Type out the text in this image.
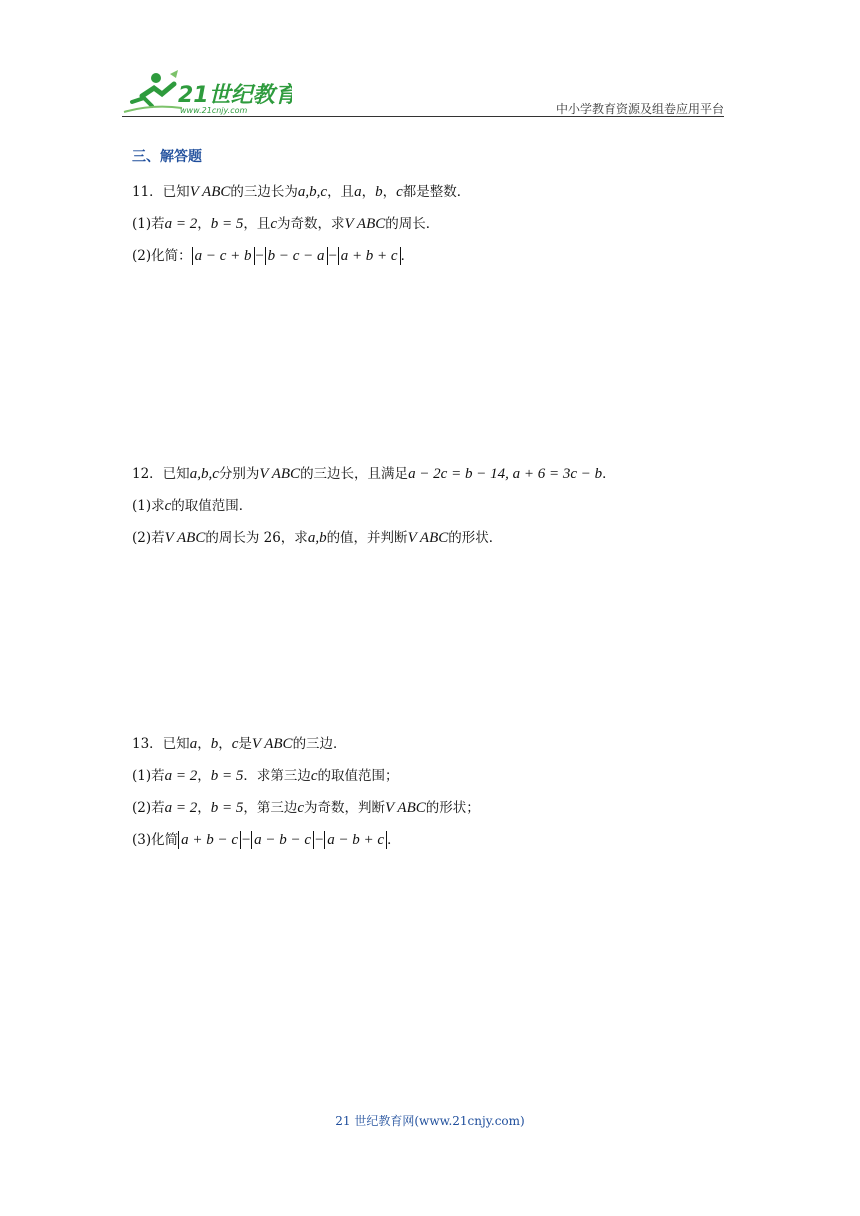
21世纪教育
www.21cnjy.com	中小学教育资源及组卷应用平台
三、解答题
11．已知V ABC的三边长为a,b,c，且a，b，c都是整数．
(1)若a = 2，b = 5，且c为奇数，求V ABC的周长．
(2)化简： a − c + b − b − c − a − a + b + c ．
12．已知a,b,c分别为V ABC的三边长，且满足a − 2c = b − 14, a + 6 = 3c − b．
(1)求c的取值范围．
(2)若V ABC的周长为 26，求a,b的值，并判断V ABC的形状．
13．已知a，b，c是V ABC的三边．
(1)若a = 2，b = 5．求第三边c的取值范围；
(2)若a = 2，b = 5，第三边c为奇数，判断V ABC的形状；
(3)化简 a + b − c − a − b − c − a − b + c ．
21 世纪教育网(www.21cnjy.com)
